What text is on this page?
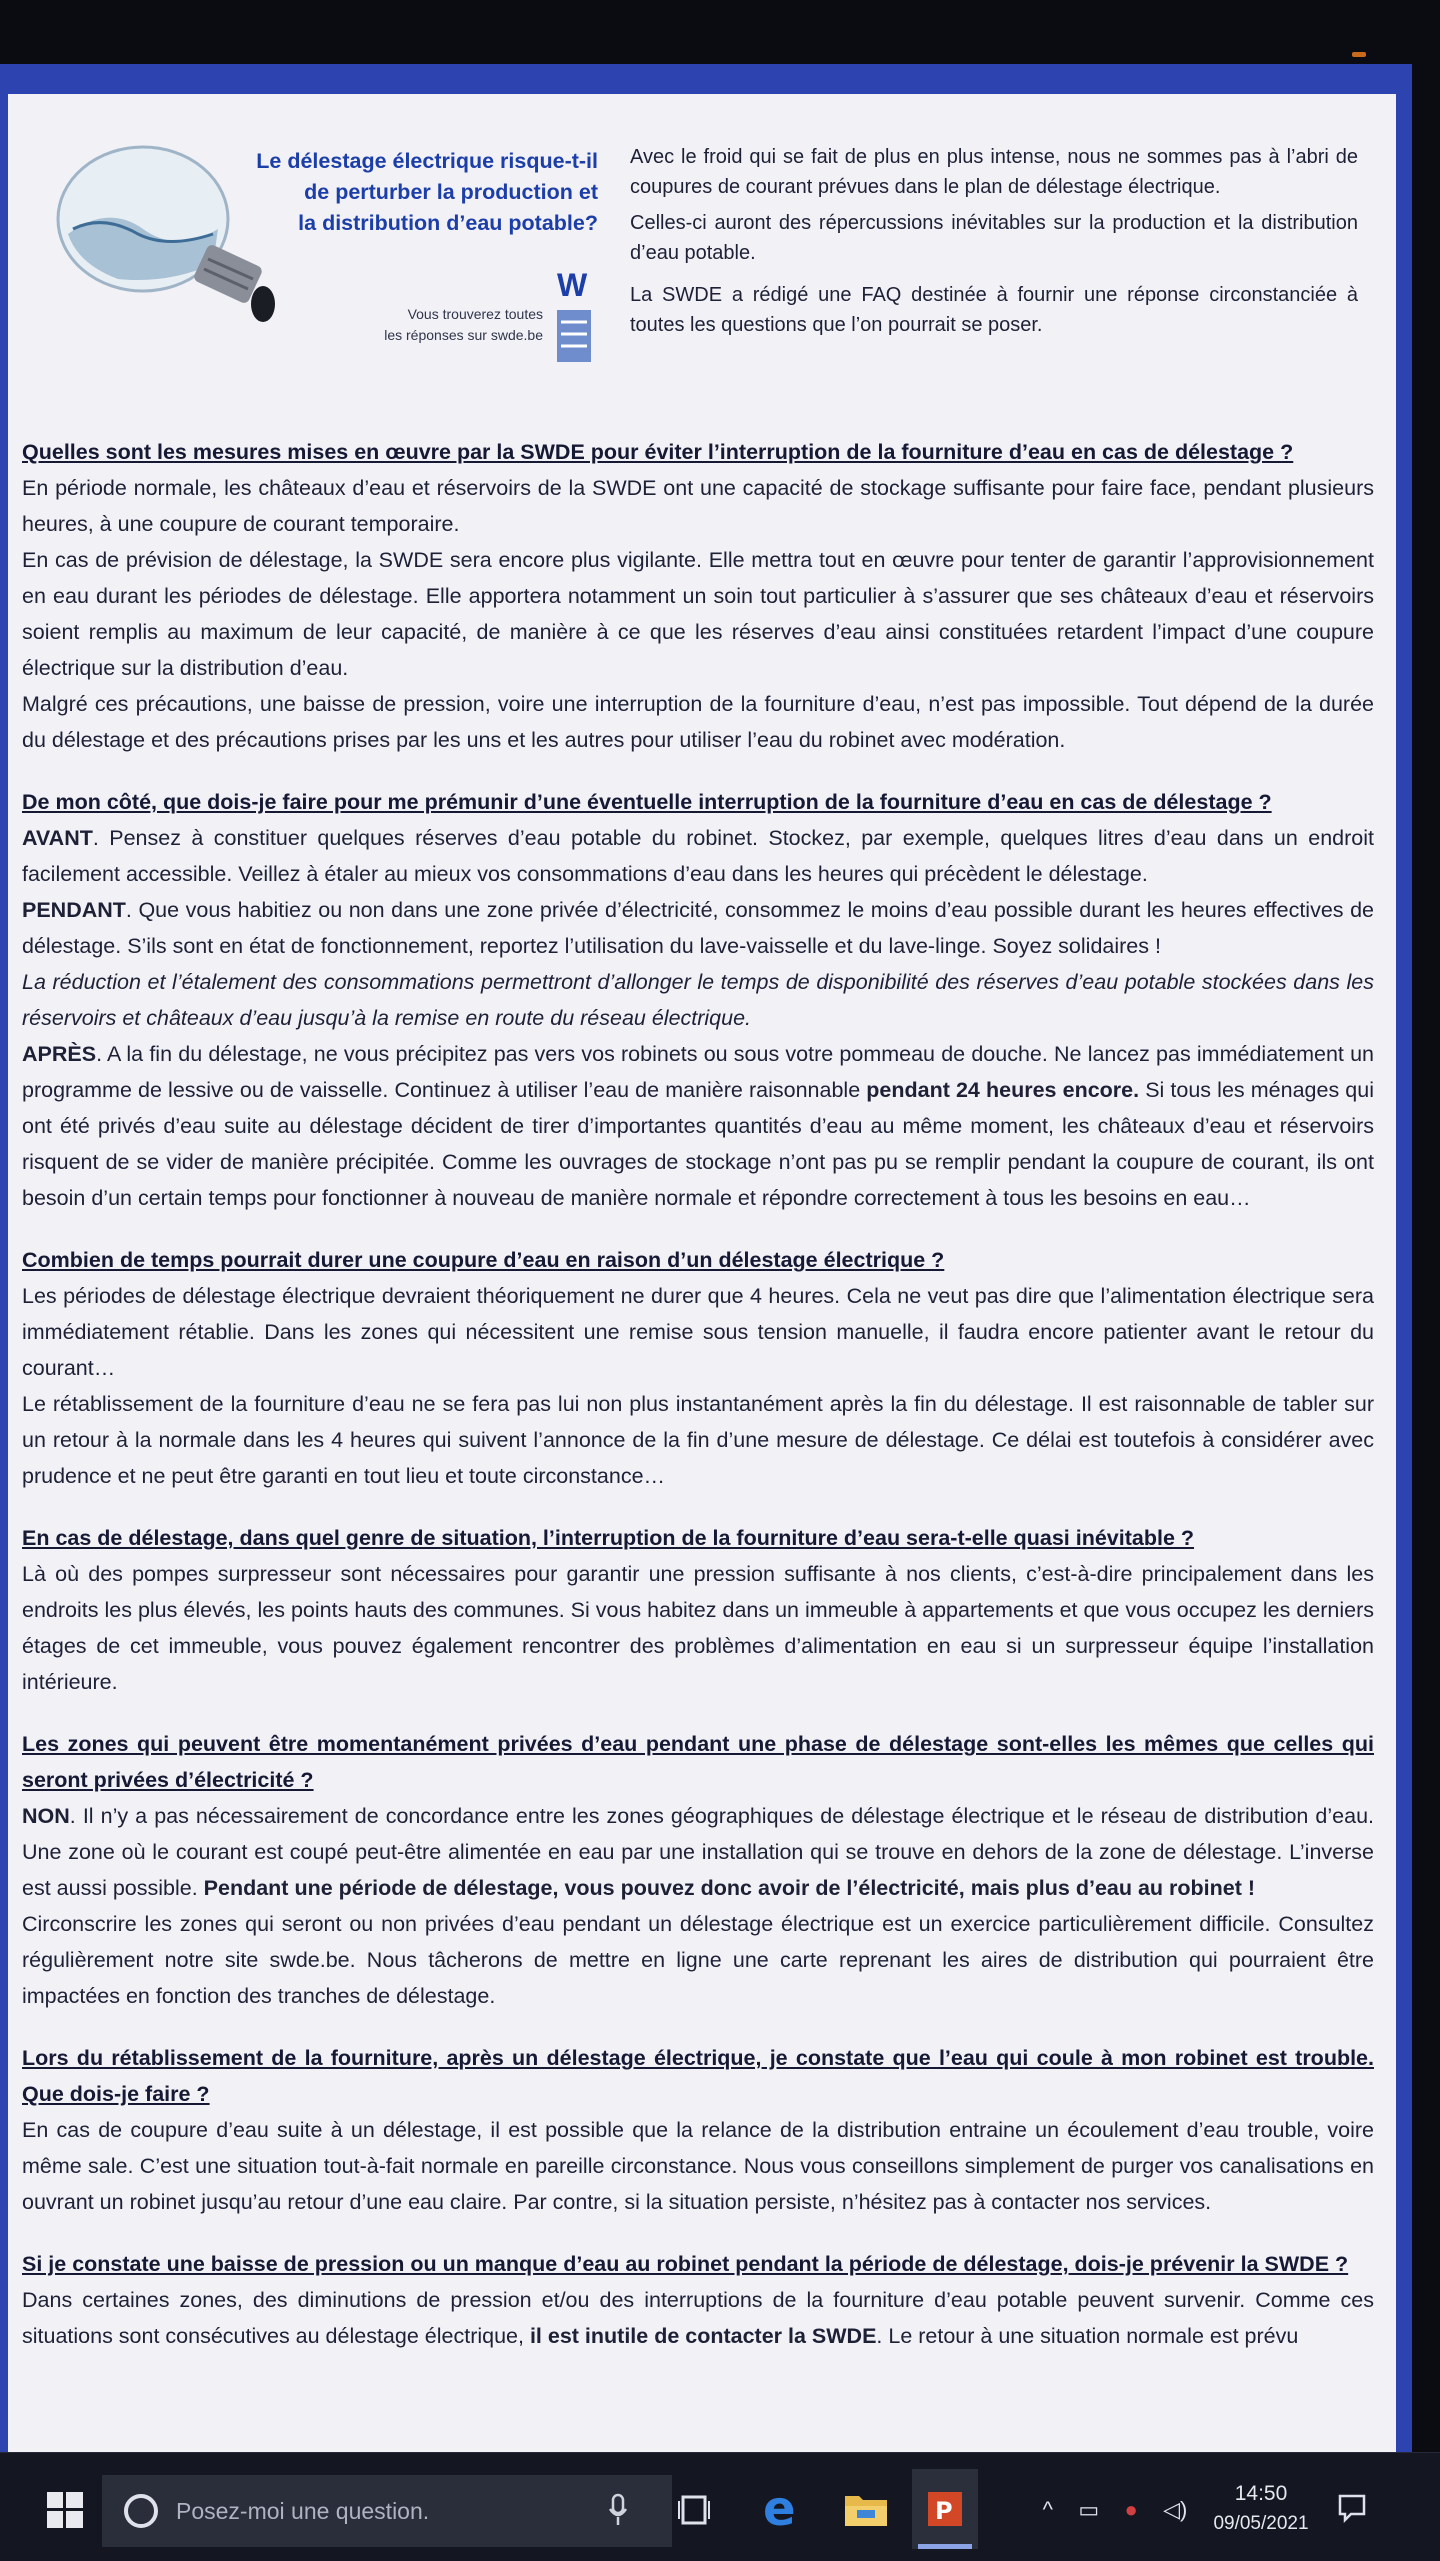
Le délestage électrique risque-t-il
de perturber la production et
la distribution d’eau potable?
Vous trouverez toutes
les réponses sur swde.be
W

Avec le froid qui se fait de plus en plus intense, nous ne sommes pas à l’abri de coupures de courant prévues dans le plan de délestage électrique.

Celles-ci auront des répercussions inévitables sur la production et la distribution d’eau potable.

La SWDE a rédigé une FAQ destinée à fournir une réponse circonstanciée à toutes les questions que l’on pourrait se poser.

Quelles sont les mesures mises en œuvre par la SWDE pour éviter l’interruption de la fourniture d’eau en cas de délestage ?

En période normale, les châteaux d’eau et réservoirs de la SWDE ont une capacité de stockage suffisante pour faire face, pendant plusieurs heures, à une coupure de courant temporaire.

En cas de prévision de délestage, la SWDE sera encore plus vigilante. Elle mettra tout en œuvre pour tenter de garantir l’approvisionnement en eau durant les périodes de délestage. Elle apportera notamment un soin tout particulier à s’assurer que ses châteaux d’eau et réservoirs soient remplis au maximum de leur capacité, de manière à ce que les réserves d’eau ainsi constituées retardent l’impact d’une coupure électrique sur la distribution d’eau.

Malgré ces précautions, une baisse de pression, voire une interruption de la fourniture d’eau, n’est pas impossible. Tout dépend de la durée du délestage et des précautions prises par les uns et les autres pour utiliser l’eau du robinet avec modération.

De mon côté, que dois-je faire pour me prémunir d’une éventuelle interruption de la fourniture d’eau en cas de délestage ?

AVANT. Pensez à constituer quelques réserves d’eau potable du robinet. Stockez, par exemple, quelques litres d’eau dans un endroit facilement accessible. Veillez à étaler au mieux vos consommations d’eau dans les heures qui précèdent le délestage.

PENDANT. Que vous habitiez ou non dans une zone privée d’électricité, consommez le moins d’eau possible durant les heures effectives de délestage. S’ils sont en état de fonctionnement, reportez l’utilisation du lave-vaisselle et du lave-linge. Soyez solidaires !

La réduction et l’étalement des consommations permettront d’allonger le temps de disponibilité des réserves d’eau potable stockées dans les réservoirs et châteaux d’eau jusqu’à la remise en route du réseau électrique.

APRÈS. A la fin du délestage, ne vous précipitez pas vers vos robinets ou sous votre pommeau de douche. Ne lancez pas immédiatement un programme de lessive ou de vaisselle. Continuez à utiliser l’eau de manière raisonnable pendant 24 heures encore. Si tous les ménages qui ont été privés d’eau suite au délestage décident de tirer d’importantes quantités d’eau au même moment, les châteaux d’eau et réservoirs risquent de se vider de manière précipitée. Comme les ouvrages de stockage n’ont pas pu se remplir pendant la coupure de courant, ils ont besoin d’un certain temps pour fonctionner à nouveau de manière normale et répondre correctement à tous les besoins en eau…

Combien de temps pourrait durer une coupure d’eau en raison d’un délestage électrique ?

Les périodes de délestage électrique devraient théoriquement ne durer que 4 heures. Cela ne veut pas dire que l’alimentation électrique sera immédiatement rétablie. Dans les zones qui nécessitent une remise sous tension manuelle, il faudra encore patienter avant le retour du courant…

Le rétablissement de la fourniture d’eau ne se fera pas lui non plus instantanément après la fin du délestage. Il est raisonnable de tabler sur un retour à la normale dans les 4 heures qui suivent l’annonce de la fin d’une mesure de délestage. Ce délai est toutefois à considérer avec prudence et ne peut être garanti en tout lieu et toute circonstance…

En cas de délestage, dans quel genre de situation, l’interruption de la fourniture d’eau sera-t-elle quasi inévitable ?

Là où des pompes surpresseur sont nécessaires pour garantir une pression suffisante à nos clients, c’est-à-dire principalement dans les endroits les plus élevés, les points hauts des communes. Si vous habitez dans un immeuble à appartements et que vous occupez les derniers étages de cet immeuble, vous pouvez également rencontrer des problèmes d’alimentation en eau si un surpresseur équipe l’installation intérieure.

Les zones qui peuvent être momentanément privées d’eau pendant une phase de délestage sont-elles les mêmes que celles qui seront privées d’électricité ?

NON. Il n’y a pas nécessairement de concordance entre les zones géographiques de délestage électrique et le réseau de distribution d’eau. Une zone où le courant est coupé peut-être alimentée en eau par une installation qui se trouve en dehors de la zone de délestage. L’inverse est aussi possible. Pendant une période de délestage, vous pouvez donc avoir de l’électricité, mais plus d’eau au robinet !

Circonscrire les zones qui seront ou non privées d’eau pendant un délestage électrique est un exercice particulièrement difficile. Consultez régulièrement notre site swde.be. Nous tâcherons de mettre en ligne une carte reprenant les aires de distribution qui pourraient être impactées en fonction des tranches de délestage.

Lors du rétablissement de la fourniture, après un délestage électrique, je constate que l’eau qui coule à mon robinet est trouble. Que dois-je faire ?

En cas de coupure d’eau suite à un délestage, il est possible que la relance de la distribution entraine un écoulement d’eau trouble, voire même sale. C’est une situation tout-à-fait normale en pareille circonstance. Nous vous conseillons simplement de purger vos canalisations en ouvrant un robinet jusqu’au retour d’une eau claire. Par contre, si la situation persiste, n’hésitez pas à contacter nos services.

Si je constate une baisse de pression ou un manque d’eau au robinet pendant la période de délestage, dois-je prévenir la SWDE ?

Dans certaines zones, des diminutions de pression et/ou des interruptions de la fourniture d’eau potable peuvent survenir. Comme ces situations sont consécutives au délestage électrique, il est inutile de contacter la SWDE. Le retour à une situation normale est prévu

Posez-moi une question.	e	P	^ ▭ ● ◁)
14:50
09/05/2021
